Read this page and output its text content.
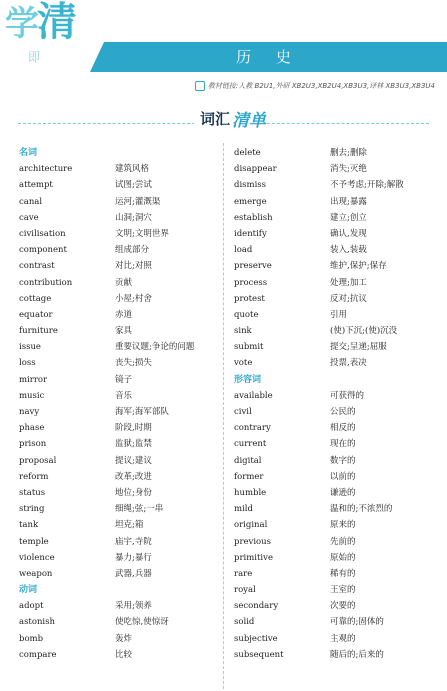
学清
即	历 史
教材链接:人教 B2U1,外研 XB2U3,XB2U4,XB3U3,译林 XB3U3,XB3U4
词汇 清单
名词
architecture	建筑风格
attempt	试图;尝试
canal	运河;灌溉渠
cave	山洞;洞穴
civilisation	文明;文明世界
component	组成部分
contrast	对比;对照
contribution	贡献
cottage	小屋;村舍
equator	赤道
furniture	家具
issue	重要议题;争论的问题
loss	丧失;损失
mirror	镜子
music	音乐
navy	海军;海军部队
phase	阶段,时期
prison	监狱;监禁
proposal	提议;建议
reform	改革;改进
status	地位;身份
string	细绳;弦;一串
tank	坦克;箱
temple	庙宇,寺院
violence	暴力;暴行
weapon	武器,兵器
动词
adopt	采用;领养
astonish	使吃惊,使惊讶
bomb	轰炸
compare	比较
delete	删去;删除
disappear	消失;灭绝
dismiss	不予考虑;开除;解散
emerge	出现;暴露
establish	建立;创立
identify	确认,发现
load	装入,装载
preserve	维护,保护;保存
process	处理;加工
protest	反对;抗议
quote	引用
sink	(使)下沉;(使)沉没
submit	提交;呈递;屈服
vote	投票,表决
形容词
available	可获得的
civil	公民的
contrary	相反的
current	现在的
digital	数字的
former	以前的
humble	谦逊的
mild	温和的;不浓烈的
original	原来的
previous	先前的
primitive	原始的
rare	稀有的
royal	王室的
secondary	次要的
solid	可靠的;固体的
subjective	主观的
subsequent	随后的;后来的
